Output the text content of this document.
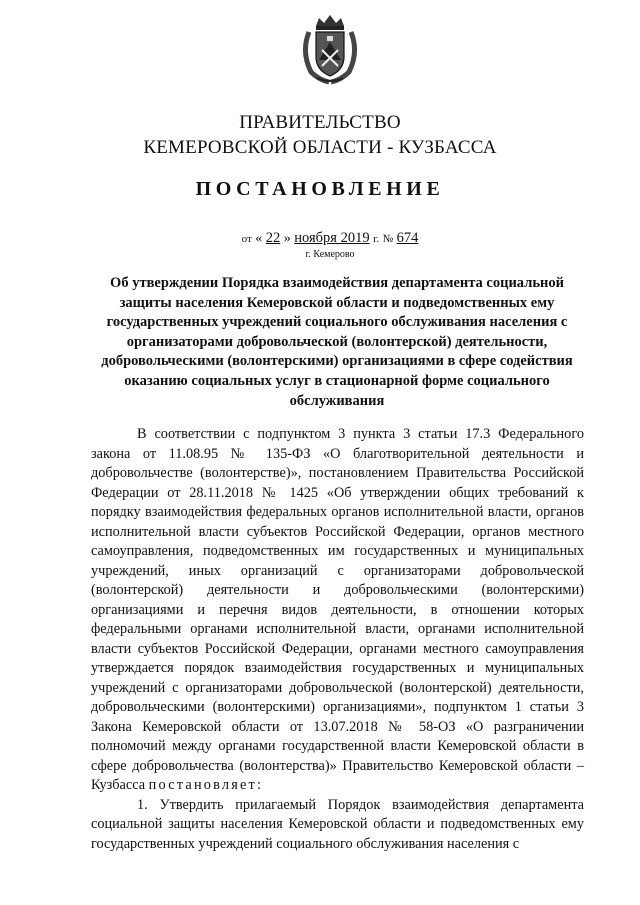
ПРАВИТЕЛЬСТВО
КЕМЕРОВСКОЙ ОБЛАСТИ - КУЗБАССА
ПОСТАНОВЛЕНИЕ
от « 22 » ноября 2019 г. № 674
г. Кемерово

Об утверждении Порядка взаимодействия департамента социальной защиты населения Кемеровской области и подведомственных ему государственных учреждений социального обслуживания населения с организаторами добровольческой (волонтерской) деятельности, добровольческими (волонтерскими) организациями в сфере содействия оказанию социальных услуг в стационарной форме социального обслуживания

В соответствии с подпунктом 3 пункта 3 статьи 17.3 Федерального закона от 11.08.95 № 135-ФЗ «О благотворительной деятельности и добровольчестве (волонтерстве)», постановлением Правительства Российской Федерации от 28.11.2018 № 1425 «Об утверждении общих требований к порядку взаимодействия федеральных органов исполнительной власти, органов исполнительной власти субъектов Российской Федерации, органов местного самоуправления, подведомственных им государственных и муниципальных учреждений, иных организаций с организаторами добровольческой (волонтерской) деятельности и добровольческими (волонтерскими) организациями и перечня видов деятельности, в отношении которых федеральными органами исполнительной власти, органами исполнительной власти субъектов Российской Федерации, органами местного самоуправления утверждается порядок взаимодействия государственных и муниципальных учреждений с организаторами добровольческой (волонтерской) деятельности, добровольческими (волонтерскими) организациями», подпунктом 1 статьи 3 Закона Кемеровской области от 13.07.2018 № 58-ОЗ «О разграничении полномочий между органами государственной власти Кемеровской области в сфере добровольчества (волонтерства)» Правительство Кемеровской области – Кузбасса постановляет:

1. Утвердить прилагаемый Порядок взаимодействия департамента социальной защиты населения Кемеровской области и подведомственных ему государственных учреждений социального обслуживания населения с
